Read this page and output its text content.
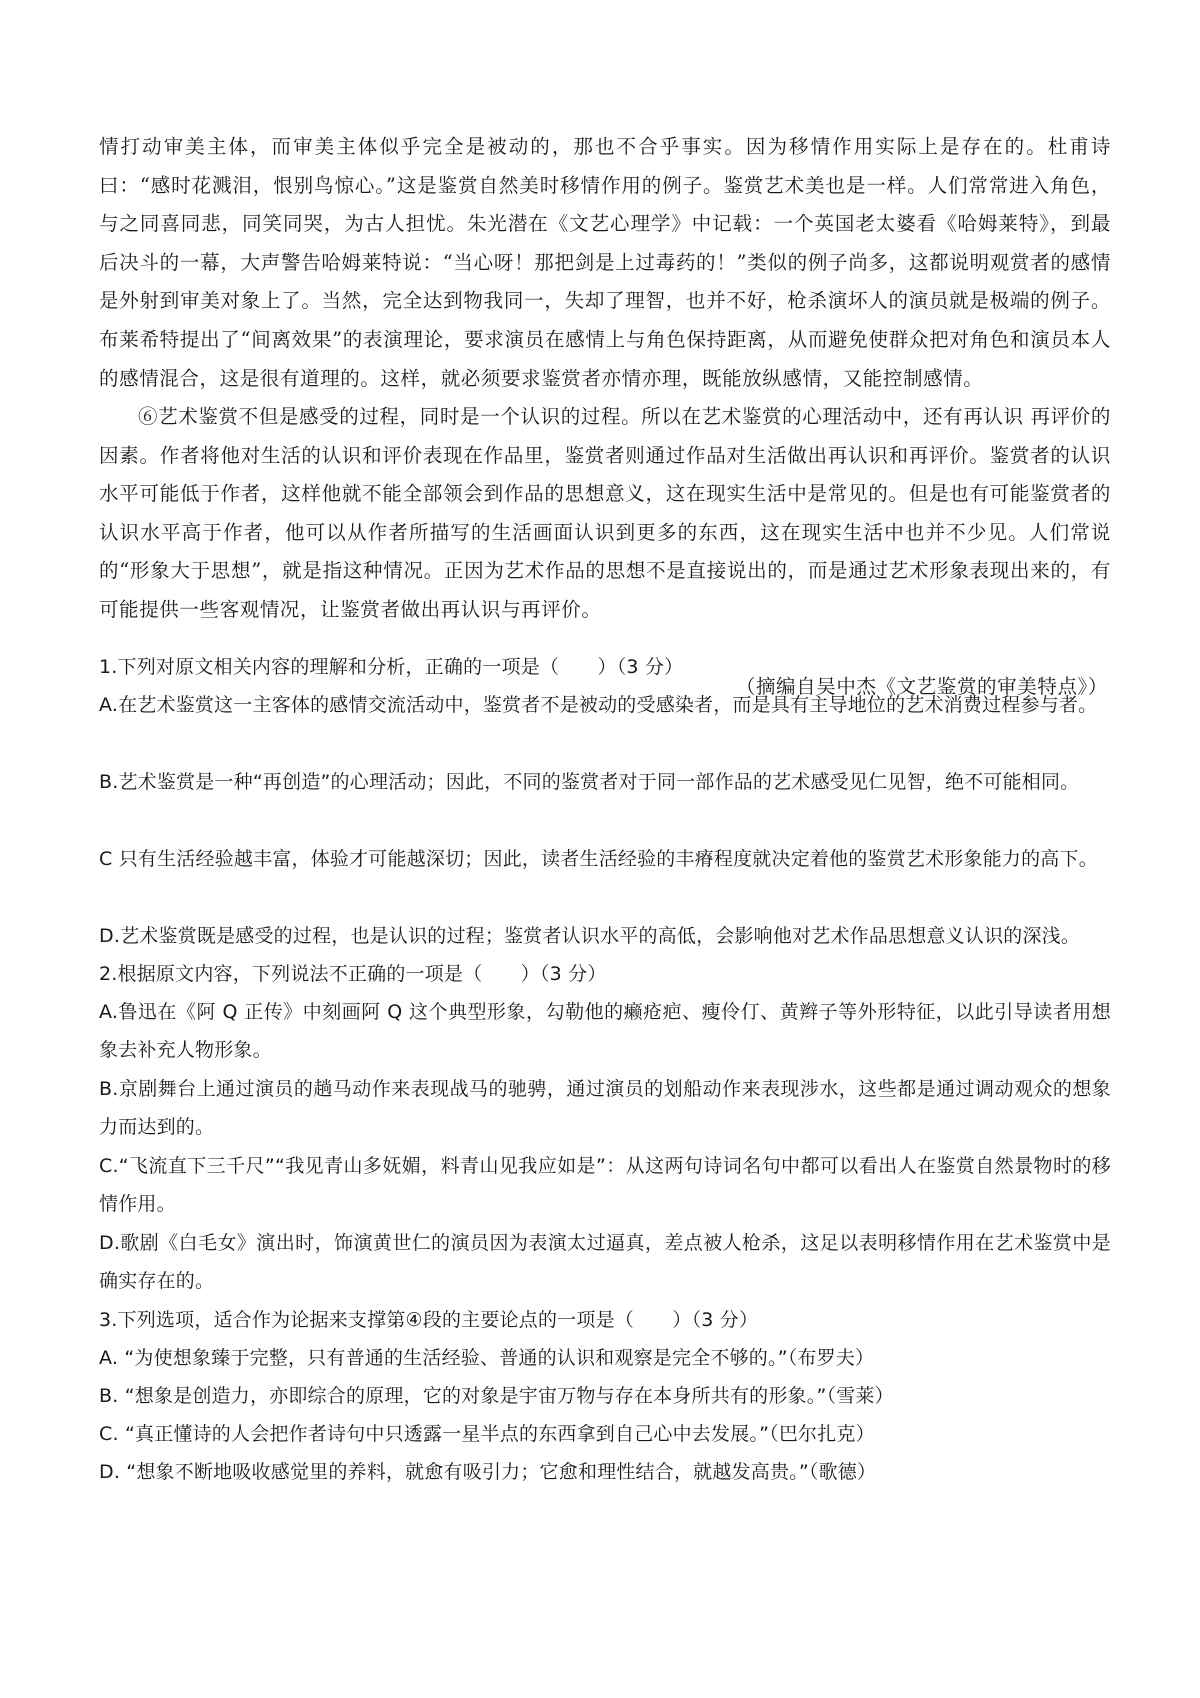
情打动审美主体，而审美主体似乎完全是被动的，那也不合乎事实。因为移情作用实际上是存在的。杜甫诗曰：“感时花溅泪，恨别鸟惊心。”这是鉴赏自然美时移情作用的例子。鉴赏艺术美也是一样。人们常常进入角色，与之同喜同悲，同笑同哭，为古人担忧。朱光潜在《文艺心理学》中记载：一个英国老太婆看《哈姆莱特》，到最后决斗的一幕，大声警告哈姆莱特说：“当心呀！那把剑是上过毒药的！”类似的例子尚多，这都说明观赏者的感情是外射到审美对象上了。当然，完全达到物我同一，失却了理智，也并不好，枪杀演坏人的演员就是极端的例子。布莱希特提出了“间离效果”的表演理论，要求演员在感情上与角色保持距离，从而避免使群众把对角色和演员本人的感情混合，这是很有道理的。这样，就必须要求鉴赏者亦情亦理，既能放纵感情，又能控制感情。

⑥艺术鉴赏不但是感受的过程，同时是一个认识的过程。所以在艺术鉴赏的心理活动中，还有再认识 再评价的因素。作者将他对生活的认识和评价表现在作品里，鉴赏者则通过作品对生活做出再认识和再评价。鉴赏者的认识水平可能低于作者，这样他就不能全部领会到作品的思想意义，这在现实生活中是常见的。但是也有可能鉴赏者的认识水平高于作者，他可以从作者所描写的生活画面认识到更多的东西，这在现实生活中也并不少见。人们常说的“形象大于思想”，就是指这种情况。正因为艺术作品的思想不是直接说出的，而是通过艺术形象表现出来的，有可能提供一些客观情况，让鉴赏者做出再认识与再评价。

（摘编自吴中杰《文艺鉴赏的审美特点》）

1.下列对原文相关内容的理解和分析，正确的一项是（　　）（3 分）

A.在艺术鉴赏这一主客体的感情交流活动中，鉴赏者不是被动的受感染者，而是具有主导地位的艺术消费过程参与者。

B.艺术鉴赏是一种“再创造”的心理活动；因此，不同的鉴赏者对于同一部作品的艺术感受见仁见智，绝不可能相同。

C 只有生活经验越丰富，体验才可能越深切；因此，读者生活经验的丰瘠程度就决定着他的鉴赏艺术形象能力的高下。

D.艺术鉴赏既是感受的过程，也是认识的过程；鉴赏者认识水平的高低，会影响他对艺术作品思想意义认识的深浅。

2.根据原文内容，下列说法不正确的一项是（　　）（3 分）

A.鲁迅在《阿 Q 正传》中刻画阿 Q 这个典型形象，勾勒他的癞疮疤、瘦伶仃、黄辫子等外形特征，以此引导读者用想象去补充人物形象。

B.京剧舞台上通过演员的趟马动作来表现战马的驰骋，通过演员的划船动作来表现涉水，这些都是通过调动观众的想象力而达到的。

C.“飞流直下三千尺”“我见青山多妩媚，料青山见我应如是”：从这两句诗词名句中都可以看出人在鉴赏自然景物时的移情作用。

D.歌剧《白毛女》演出时，饰演黄世仁的演员因为表演太过逼真，差点被人枪杀，这足以表明移情作用在艺术鉴赏中是确实存在的。

3.下列选项，适合作为论据来支撑第④段的主要论点的一项是（　　）（3 分）

A. “为使想象臻于完整，只有普通的生活经验、普通的认识和观察是完全不够的。”（布罗夫）

B. “想象是创造力，亦即综合的原理，它的对象是宇宙万物与存在本身所共有的形象。”（雪莱）

C. “真正懂诗的人会把作者诗句中只透露一星半点的东西拿到自己心中去发展。”（巴尔扎克）

D. “想象不断地吸收感觉里的养料，就愈有吸引力；它愈和理性结合，就越发高贵。”（歌德）
